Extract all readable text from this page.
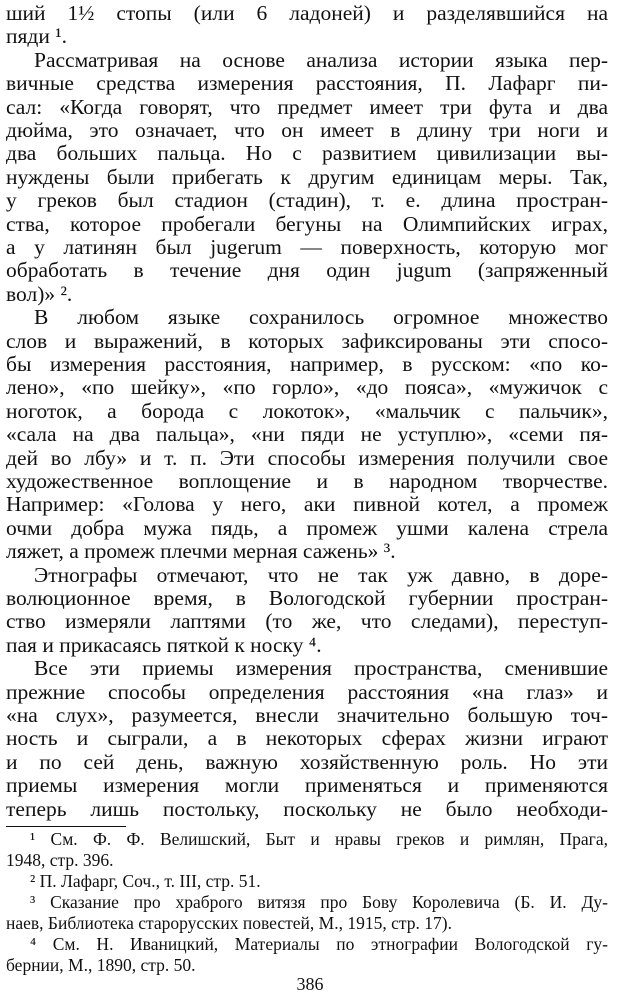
ший 1½ стопы (или 6 ладоней) и разделявшийся на
пяди ¹.
Рассматривая на основе анализа истории языка пер-
вичные средства измерения расстояния, П. Лафарг пи-
сал: «Когда говорят, что предмет имеет три фута и два
дюйма, это означает, что он имеет в длину три ноги и
два больших пальца. Но с развитием цивилизации вы-
нуждены были прибегать к другим единицам меры. Так,
у греков был стадион (стадин), т. е. длина простран-
ства, которое пробегали бегуны на Олимпийских играх,
а у латинян был jugerum — поверхность, которую мог
обработать в течение дня один jugum (запряженный
вол)» ².
В любом языке сохранилось огромное множество
слов и выражений, в которых зафиксированы эти спосо-
бы измерения расстояния, например, в русском: «по ко-
лено», «по шейку», «по горло», «до пояса», «мужичок с
ноготок, а борода с локоток», «мальчик с пальчик»,
«сала на два пальца», «ни пяди не уступлю», «семи пя-
дей во лбу» и т. п. Эти способы измерения получили свое
художественное воплощение и в народном творчестве.
Например: «Голова у него, аки пивной котел, а промеж
очми добра мужа пядь, а промеж ушми калена стрела
ляжет, а промеж плечми мерная сажень» ³.
Этнографы отмечают, что не так уж давно, в доре-
волюционное время, в Вологодской губернии простран-
ство измеряли лаптями (то же, что следами), переступ-
пая и прикасаясь пяткой к носку ⁴.
Все эти приемы измерения пространства, сменившие
прежние способы определения расстояния «на глаз» и
«на слух», разумеется, внесли значительно большую точ-
ность и сыграли, а в некоторых сферах жизни играют
и по сей день, важную хозяйственную роль. Но эти
приемы измерения могли применяться и применяются
теперь лишь постольку, поскольку не было необходи-
¹ См. Ф. Ф. Велишский, Быт и нравы греков и римлян, Прага,
1948, стр. 396.
² П. Лафарг, Соч., т. III, стр. 51.
³ Сказание про храброго витязя про Бову Королевича (Б. И. Ду-
наев, Библиотека старорусских повестей, М., 1915, стр. 17).
⁴ См. Н. Иваницкий, Материалы по этнографии Вологодской гу-
бернии, М., 1890, стр. 50.
386
